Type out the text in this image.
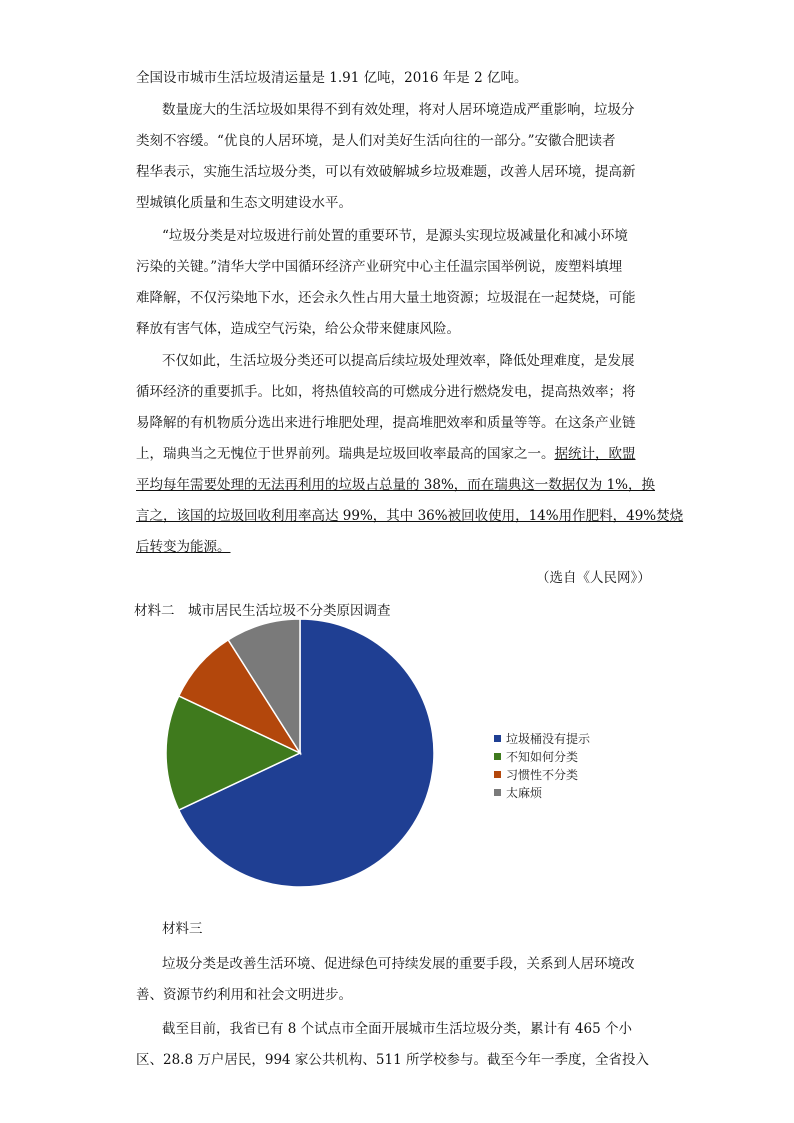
全国设市城市生活垃圾清运量是 1.91 亿吨，2016 年是 2 亿吨。
数量庞大的生活垃圾如果得不到有效处理，将对人居环境造成严重影响，垃圾分
类刻不容缓。“优良的人居环境，是人们对美好生活向往的一部分。”安徽合肥读者
程华表示，实施生活垃圾分类，可以有效破解城乡垃圾难题，改善人居环境，提高新
型城镇化质量和生态文明建设水平。
“垃圾分类是对垃圾进行前处置的重要环节，是源头实现垃圾减量化和减小环境
污染的关键。”清华大学中国循环经济产业研究中心主任温宗国举例说，废塑料填埋
难降解，不仅污染地下水，还会永久性占用大量土地资源；垃圾混在一起焚烧，可能
释放有害气体，造成空气污染，给公众带来健康风险。
不仅如此，生活垃圾分类还可以提高后续垃圾处理效率，降低处理难度，是发展
循环经济的重要抓手。比如，将热值较高的可燃成分进行燃烧发电，提高热效率；将
易降解的有机物质分选出来进行堆肥处理，提高堆肥效率和质量等等。在这条产业链
上，瑞典当之无愧位于世界前列。瑞典是垃圾回收率最高的国家之一。据统计，欧盟
平均每年需要处理的无法再利用的垃圾占总量的 38%，而在瑞典这一数据仅为 1%，换
言之，该国的垃圾回收利用率高达 99%，其中 36%被回收使用，14%用作肥料，49%焚烧
后转变为能源。
（选自《人民网》）
材料二　城市居民生活垃圾不分类原因调查
垃圾桶没有提示
不知如何分类
习惯性不分类
太麻烦
材料三
垃圾分类是改善生活环境、促进绿色可持续发展的重要手段，关系到人居环境改
善、资源节约利用和社会文明进步。
截至目前，我省已有 8 个试点市全面开展城市生活垃圾分类，累计有 465 个小
区、28.8 万户居民，994 家公共机构、511 所学校参与。截至今年一季度，全省投入
